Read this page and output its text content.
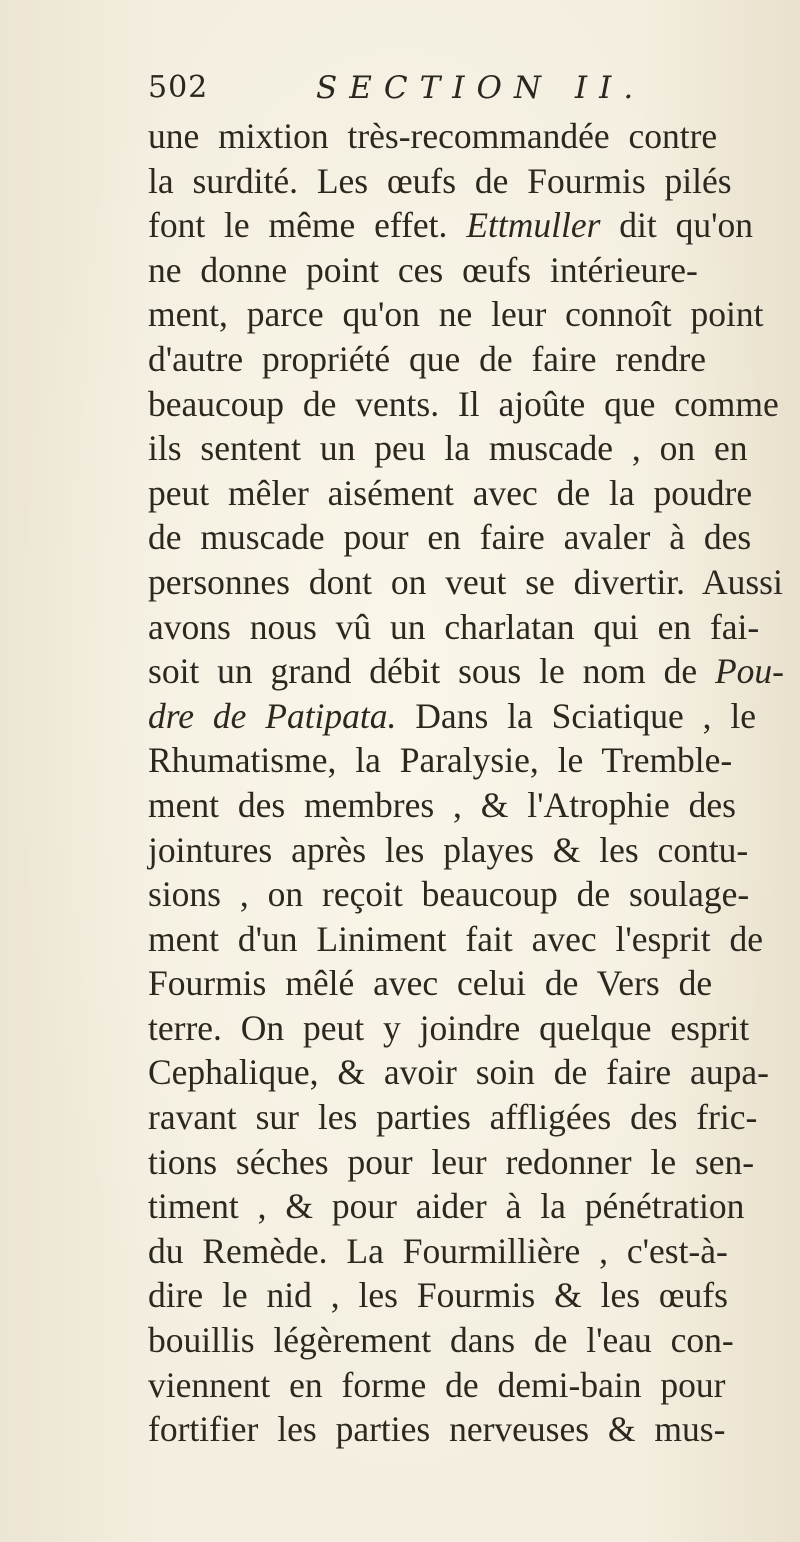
502	SECTION II.
une mixtion très-recommandée contre
la surdité. Les œufs de Fourmis pilés
font le même effet. Ettmuller dit qu'on
ne donne point ces œufs intérieure-
ment, parce qu'on ne leur connoît point
d'autre propriété que de faire rendre
beaucoup de vents. Il ajoûte que comme
ils sentent un peu la muscade , on en
peut mêler aisément avec de la poudre
de muscade pour en faire avaler à des
personnes dont on veut se divertir. Aussi
avons nous vû un charlatan qui en fai-
soit un grand débit sous le nom de Pou-
dre de Patipata. Dans la Sciatique , le
Rhumatisme, la Paralysie, le Tremble-
ment des membres , & l'Atrophie des
jointures après les playes & les contu-
sions , on reçoit beaucoup de soulage-
ment d'un Liniment fait avec l'esprit de
Fourmis mêlé avec celui de Vers de
terre. On peut y joindre quelque esprit
Cephalique, & avoir soin de faire aupa-
ravant sur les parties affligées des fric-
tions séches pour leur redonner le sen-
timent , & pour aider à la pénétration
du Remède. La Fourmillière , c'est-à-
dire le nid , les Fourmis & les œufs
bouillis légèrement dans de l'eau con-
viennent en forme de demi-bain pour
fortifier les parties nerveuses & mus-
